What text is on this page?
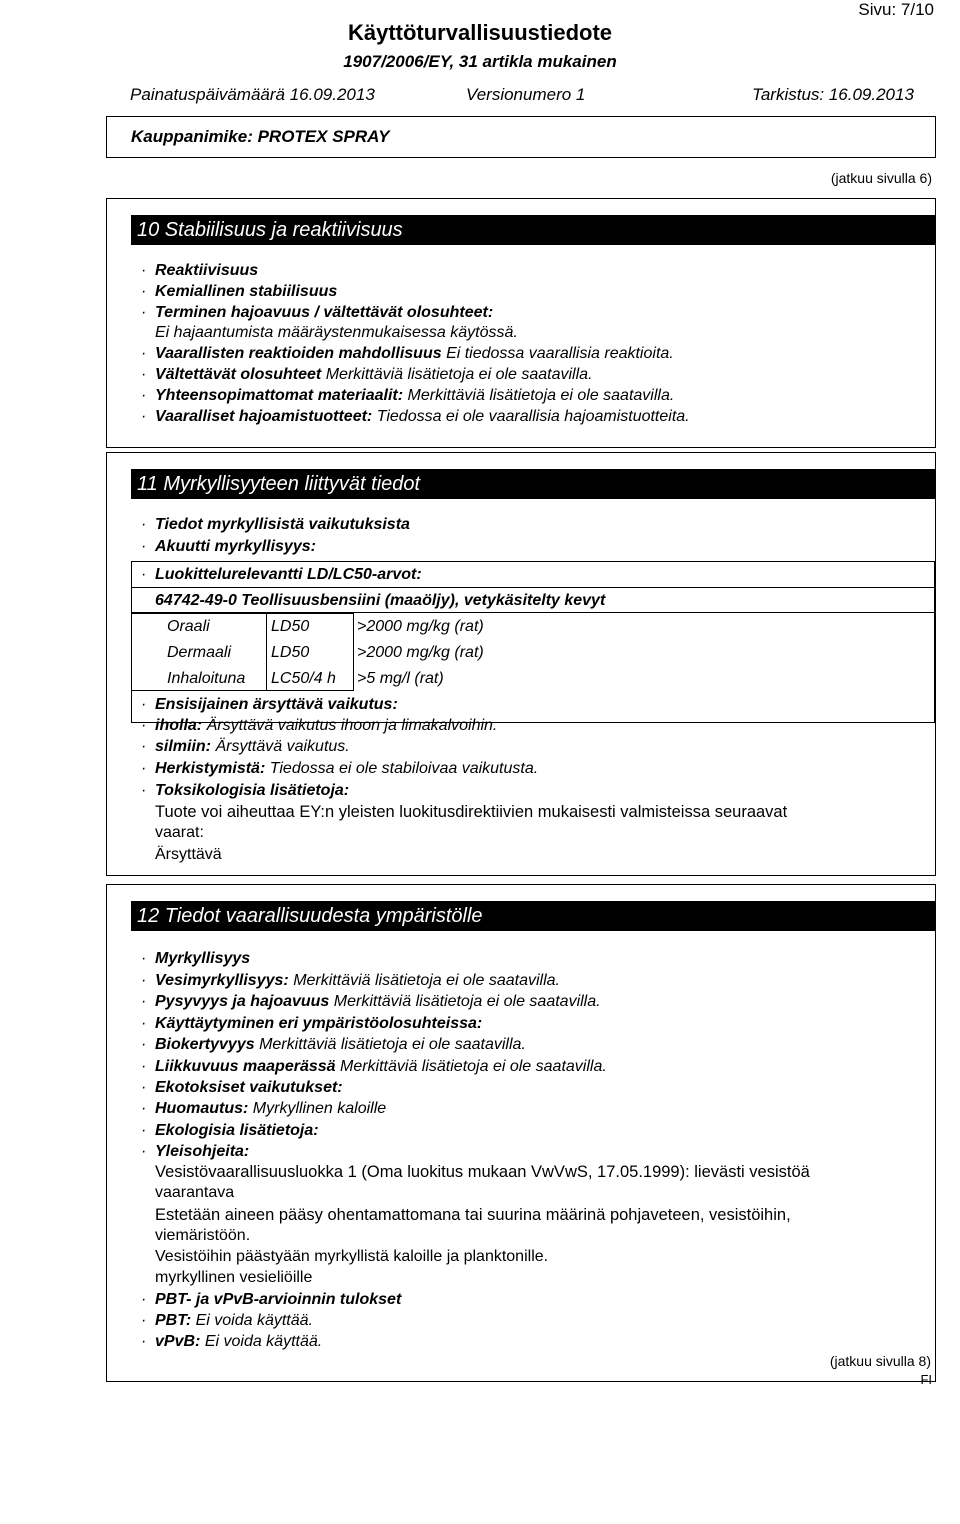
Sivu: 7/10
Käyttöturvallisuustiedote
1907/2006/EY, 31 artikla mukainen
Painatuspäivämäärä 16.09.2013	Versionumero 1	Tarkistus: 16.09.2013
Kauppanimike: PROTEX SPRAY
(jatkuu sivulla 6)
10 Stabiilisuus ja reaktiivisuus
· Reaktiivisuus
· Kemiallinen stabiilisuus
· Terminen hajoavuus / vältettävät olosuhteet:
Ei hajaantumista määräystenmukaisessa käytössä.
· Vaarallisten reaktioiden mahdollisuus Ei tiedossa vaarallisia reaktioita.
· Vältettävät olosuhteet Merkittäviä lisätietoja ei ole saatavilla.
· Yhteensopimattomat materiaalit: Merkittäviä lisätietoja ei ole saatavilla.
· Vaaralliset hajoamistuotteet: Tiedossa ei ole vaarallisia hajoamistuotteita.
11 Myrkyllisyyteen liittyvät tiedot
· Tiedot myrkyllisistä vaikutuksista
· Akuutti myrkyllisyys:
· Luokittelurelevantti LD/LC50-arvot:
64742-49-0 Teollisuusbensiini (maaöljy), vetykäsitelty kevyt
Oraali	LD50	>2000 mg/kg (rat)
Dermaali LD50	>2000 mg/kg (rat)
Inhaloituna LC50/4 h >5 mg/l (rat)
· Ensisijainen ärsyttävä vaikutus:
· iholla: Ärsyttävä vaikutus ihoon ja limakalvoihin.
· silmiin: Ärsyttävä vaikutus.
· Herkistymistä: Tiedossa ei ole stabiloivaa vaikutusta.
· Toksikologisia lisätietoja:
Tuote voi aiheuttaa EY:n yleisten luokitusdirektiivien mukaisesti valmisteissa seuraavat
vaarat:
Ärsyttävä
12 Tiedot vaarallisuudesta ympäristölle
· Myrkyllisyys
· Vesimyrkyllisyys: Merkittäviä lisätietoja ei ole saatavilla.
· Pysyvyys ja hajoavuus Merkittäviä lisätietoja ei ole saatavilla.
· Käyttäytyminen eri ympäristöolosuhteissa:
· Biokertyvyys Merkittäviä lisätietoja ei ole saatavilla.
· Liikkuvuus maaperässä Merkittäviä lisätietoja ei ole saatavilla.
· Ekotoksiset vaikutukset:
· Huomautus: Myrkyllinen kaloille
· Ekologisia lisätietoja:
· Yleisohjeita:
Vesistövaarallisuusluokka 1 (Oma luokitus mukaan VwVwS, 17.05.1999): lievästi vesistöä
vaarantava
Estetään aineen pääsy ohentamattomana tai suurina määrinä pohjaveteen, vesistöihin,
viemäristöön.
Vesistöihin päästyään myrkyllistä kaloille ja planktonille.
myrkyllinen vesieliöille
· PBT- ja vPvB-arvioinnin tulokset
· PBT: Ei voida käyttää.
· vPvB: Ei voida käyttää.
(jatkuu sivulla 8)
FI
